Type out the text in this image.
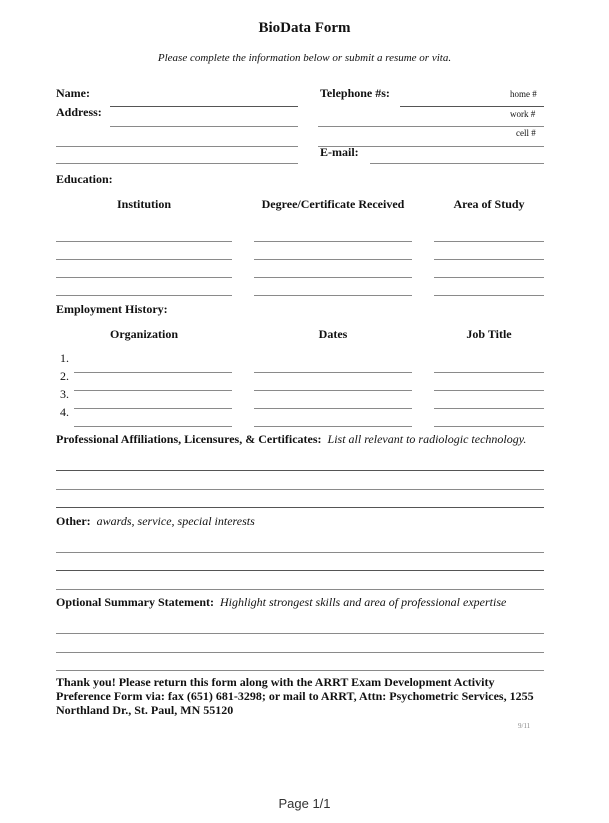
BioData Form
Please complete the information below or submit a resume or vita.
Name:
Address:
Telephone #s:	home #
work #
cell #
E-mail:
Education:
Institution	Degree/Certificate Received	Area of Study
Employment History:
Organization	Dates	Job Title
1.
2.
3.
4.
Professional Affiliations, Licensures, & Certificates: List all relevant to radiologic technology.
Other: awards, service, special interests
Optional Summary Statement: Highlight strongest skills and area of professional expertise
Thank you! Please return this form along with the ARRT Exam Development Activity Preference Form via: fax (651) 681-3298; or mail to ARRT, Attn: Psychometric Services, 1255 Northland Dr., St. Paul, MN 55120
9/11
Page 1/1
